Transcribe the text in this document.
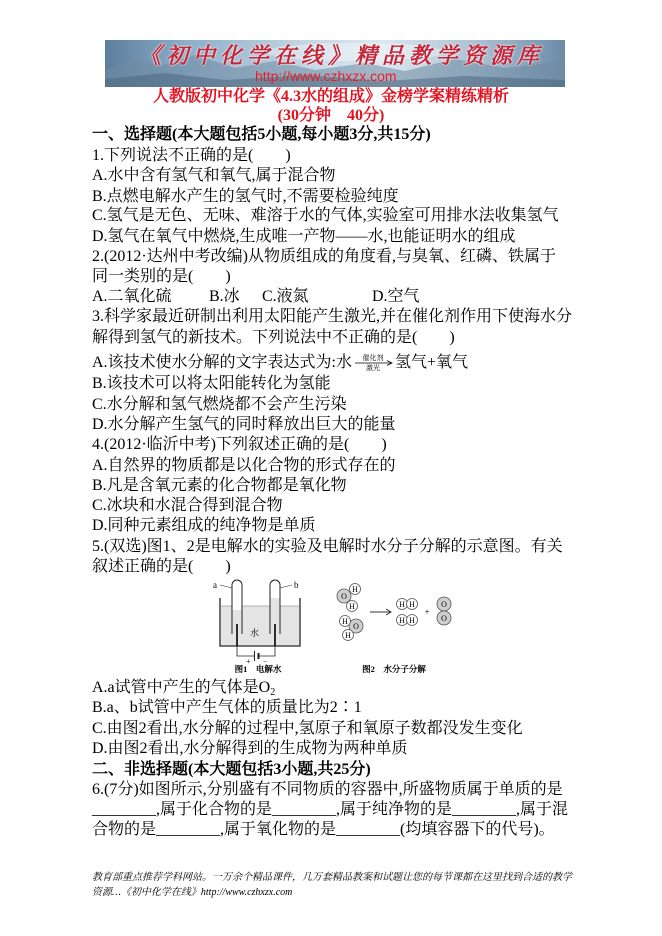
《初中化学在线》精品教学资源库
http://www.czhxzx.com
人教版初中化学《4.3水的组成》金榜学案精练精析
(30分钟　40分)
一、选择题(本大题包括5小题,每小题3分,共15分)
1.下列说法不正确的是(　　)
A.水中含有氢气和氧气,属于混合物
B.点燃电解水产生的氢气时,不需要检验纯度
C.氢气是无色、无味、难溶于水的气体,实验室可用排水法收集氢气
D.氢气在氧气中燃烧,生成唯一产物——水,也能证明水的组成
2.(2012·达州中考改编)从物质组成的角度看,与臭氧、红磷、铁属于
同一类别的是(　　)
A.二氧化硫 B.冰 C.液氮	D.空气
3.科学家最近研制出利用太阳能产生激光,并在催化剂作用下使海水分
解得到氢气的新技术。下列说法中不正确的是(　　)
A.该技术使水分解的文字表达式为:水	催化剂
激光 氢气+氧气
B.该技术可以将太阳能转化为氢能
C.水分解和氢气燃烧都不会产生污染
D.水分解产生氢气的同时释放出巨大的能量
4.(2012·临沂中考)下列叙述正确的是(　　)
A.自然界的物质都是以化合物的形式存在的
B.凡是含氧元素的化合物都是氧化物
C.冰块和水混合得到混合物
D.同种元素组成的纯净物是单质
5.(双选)图1、2是电解水的实验及电解时水分子分解的示意图。有关
叙述正确的是(　　)
a	b
水
+ −
图1　电解水
O
H
H
O
H
H
H H
H H
+
O
O
图2　水分子分解
A.a试管中产生的气体是$O_2$
B.a、b试管中产生气体的质量比为2∶1
C.由图2看出,水分解的过程中,氢原子和氧原子数都没发生变化
D.由图2看出,水分解得到的生成物为两种单质
二、非选择题(本大题包括3小题,共25分)
6.(7分)如图所示,分别盛有不同物质的容器中,所盛物质属于单质的是
________,属于化合物的是________,属于纯净物的是________,属于混
合物的是________,属于氧化物的是________(均填容器下的代号)。
教育部重点推荐学科网站。一万余个精品课件，几万套精品教案和试题让您的每节课都在这里找到合适的教学
资源…《初中化学在线》http://www.czhxzx.com
